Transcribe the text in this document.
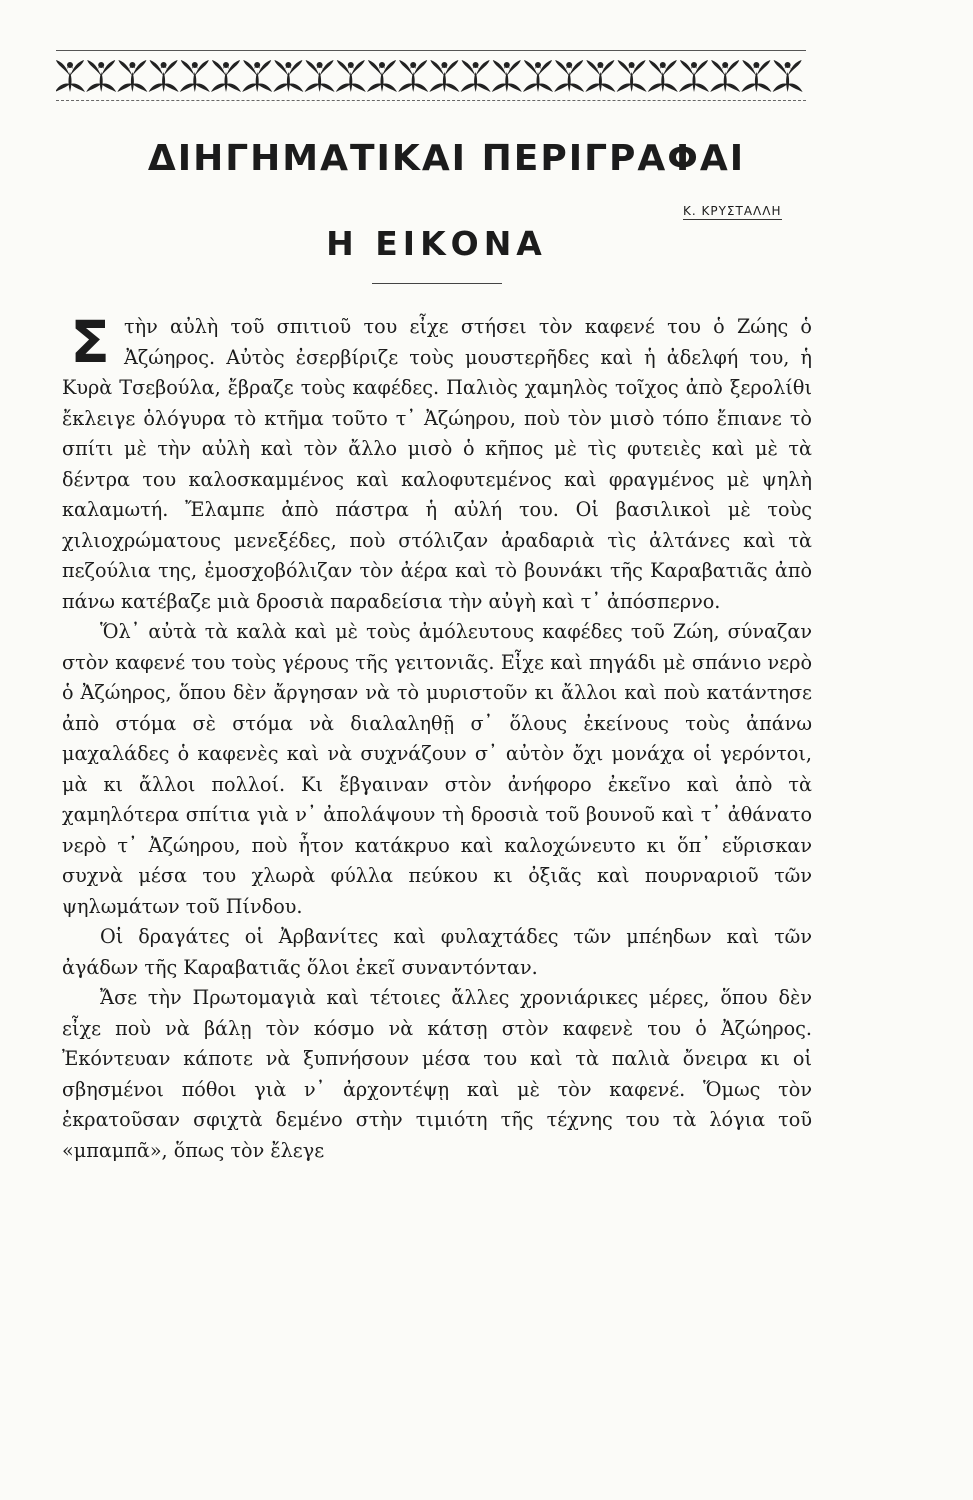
ΔΙΗΓΗΜΑΤΙΚΑΙ ΠΕΡΙΓΡΑΦΑΙ
Κ. ΚΡΥΣΤΑΛΛΗ
Η ΕΙΚΟΝΑ

Στὴν αὐλὴ τοῦ σπιτιοῦ του εἶχε στήσει τὸν καφενέ του ὁ Ζώης ὁ Ἀζώηρος. Αὐτὸς ἐσερβίριζε τοὺς μουστερῆδες καὶ ἡ ἀδελφή του, ἡ Κυρὰ Τσεβούλα, ἔβραζε τοὺς καφέδες. Παλιὸς χαμηλὸς τοῖχος ἀπὸ ξερολίθι ἔκλειγε ὁλόγυρα τὸ κτῆμα τοῦτο τ᾿ Ἀζώηρου, ποὺ τὸν μισὸ τόπο ἔπιανε τὸ σπίτι μὲ τὴν αὐλὴ καὶ τὸν ἄλλο μισὸ ὁ κῆπος μὲ τὶς φυτειὲς καὶ μὲ τὰ δέντρα του καλοσκαμμένος καὶ καλοφυτεμένος καὶ φραγμένος μὲ ψηλὴ καλαμωτή. Ἔλαμπε ἀπὸ πάστρα ἡ αὐλή του. Οἱ βασιλικοὶ μὲ τοὺς χιλιοχρώματους μενεξέδες, ποὺ στόλιζαν ἀραδαριὰ τὶς ἀλτάνες καὶ τὰ πεζούλια της, ἐμοσχοβόλιζαν τὸν ἀέρα καὶ τὸ βουνάκι τῆς Καραβατιᾶς ἀπὸ πάνω κατέβαζε μιὰ δροσιὰ παραδείσια τὴν αὐγὴ καὶ τ᾿ ἀπόσπερνο.

Ὅλ᾿ αὐτὰ τὰ καλὰ καὶ μὲ τοὺς ἀμόλευτους καφέδες τοῦ Ζώη, σύναζαν στὸν καφενέ του τοὺς γέρους τῆς γειτονιᾶς. Εἶχε καὶ πηγάδι μὲ σπάνιο νερὸ ὁ Ἀζώηρος, ὅπου δὲν ἄργησαν νὰ τὸ μυριστοῦν κι ἄλλοι καὶ ποὺ κατάντησε ἀπὸ στόμα σὲ στόμα νὰ διαλαληθῇ σ᾿ ὅλους ἐκείνους τοὺς ἀπάνω μαχαλάδες ὁ καφενὲς καὶ νὰ συχνάζουν σ᾿ αὐτὸν ὄχι μονάχα οἱ γερόντοι, μὰ κι ἄλλοι πολλοί. Κι ἔβγαιναν στὸν ἀνήφορο ἐκεῖνο καὶ ἀπὸ τὰ χαμηλότερα σπίτια γιὰ ν᾿ ἀπολάψουν τὴ δροσιὰ τοῦ βουνοῦ καὶ τ᾿ ἀθάνατο νερὸ τ᾿ Ἀζώηρου, ποὺ ἦτον κατάκρυο καὶ καλοχώνευτο κι ὅπ᾿ εὕρισκαν συχνὰ μέσα του χλωρὰ φύλλα πεύκου κι ὀξιᾶς καὶ πουρναριοῦ τῶν ψηλωμάτων τοῦ Πίνδου.

Οἱ δραγάτες οἱ Ἀρβανίτες καὶ φυλαχτάδες τῶν μπέηδων καὶ τῶν ἀγάδων τῆς Καραβατιᾶς ὅλοι ἐκεῖ συναντόνταν.

Ἄσε τὴν Πρωτομαγιὰ καὶ τέτοιες ἄλλες χρονιάρικες μέρες, ὅπου δὲν εἶχε ποὺ νὰ βάλῃ τὸν κόσμο νὰ κάτσῃ στὸν καφενὲ του ὁ Ἀζώηρος. Ἐκόντευαν κάποτε νὰ ξυπνήσουν μέσα του καὶ τὰ παλιὰ ὄνειρα κι οἱ σβησμένοι πόθοι γιὰ ν᾿ ἀρχοντέψῃ καὶ μὲ τὸν καφενέ. Ὅμως τὸν ἐκρατοῦσαν σφιχτὰ δεμένο στὴν τιμιότη τῆς τέχνης του τὰ λόγια τοῦ «μπαμπᾶ», ὅπως τὸν ἔλεγε
